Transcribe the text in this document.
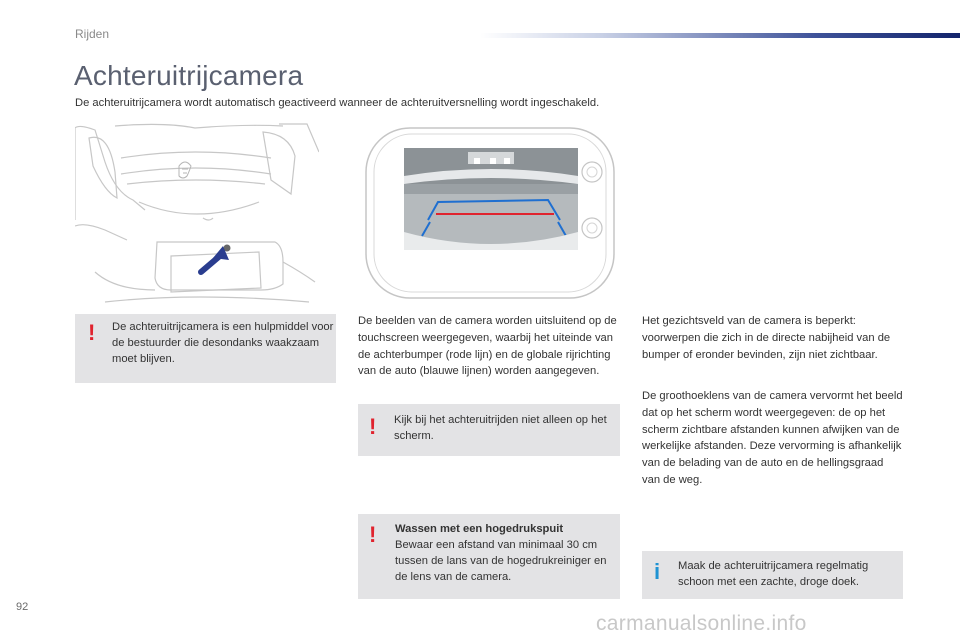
Rijden
Achteruitrijcamera
De achteruitrijcamera wordt automatisch geactiveerd wanneer de achteruitversnelling wordt ingeschakeld.
! De achteruitrijcamera is een hulpmiddel voor de bestuurder die desondanks waakzaam moet blijven.
De beelden van de camera worden uitsluitend op de touchscreen weergegeven, waarbij het uiteinde van de achterbumper (rode lijn) en de globale rijrichting van de auto (blauwe lijnen) worden aangegeven.
! Kijk bij het achteruitrijden niet alleen op het scherm.
! Wassen met een hogedrukspuit
Bewaar een afstand van minimaal 30 cm tussen de lans van de hogedrukreiniger en de lens van de camera.
Het gezichtsveld van de camera is beperkt: voorwerpen die zich in de directe nabijheid van de bumper of eronder bevinden, zijn niet zichtbaar.
De groothoeklens van de camera vervormt het beeld dat op het scherm wordt weergegeven: de op het scherm zichtbare afstanden kunnen afwijken van de werkelijke afstanden. Deze vervorming is afhankelijk van de belading van de auto en de hellingsgraad van de weg.
i Maak de achteruitrijcamera regelmatig schoon met een zachte, droge doek.
92
carmanualsonline.info
